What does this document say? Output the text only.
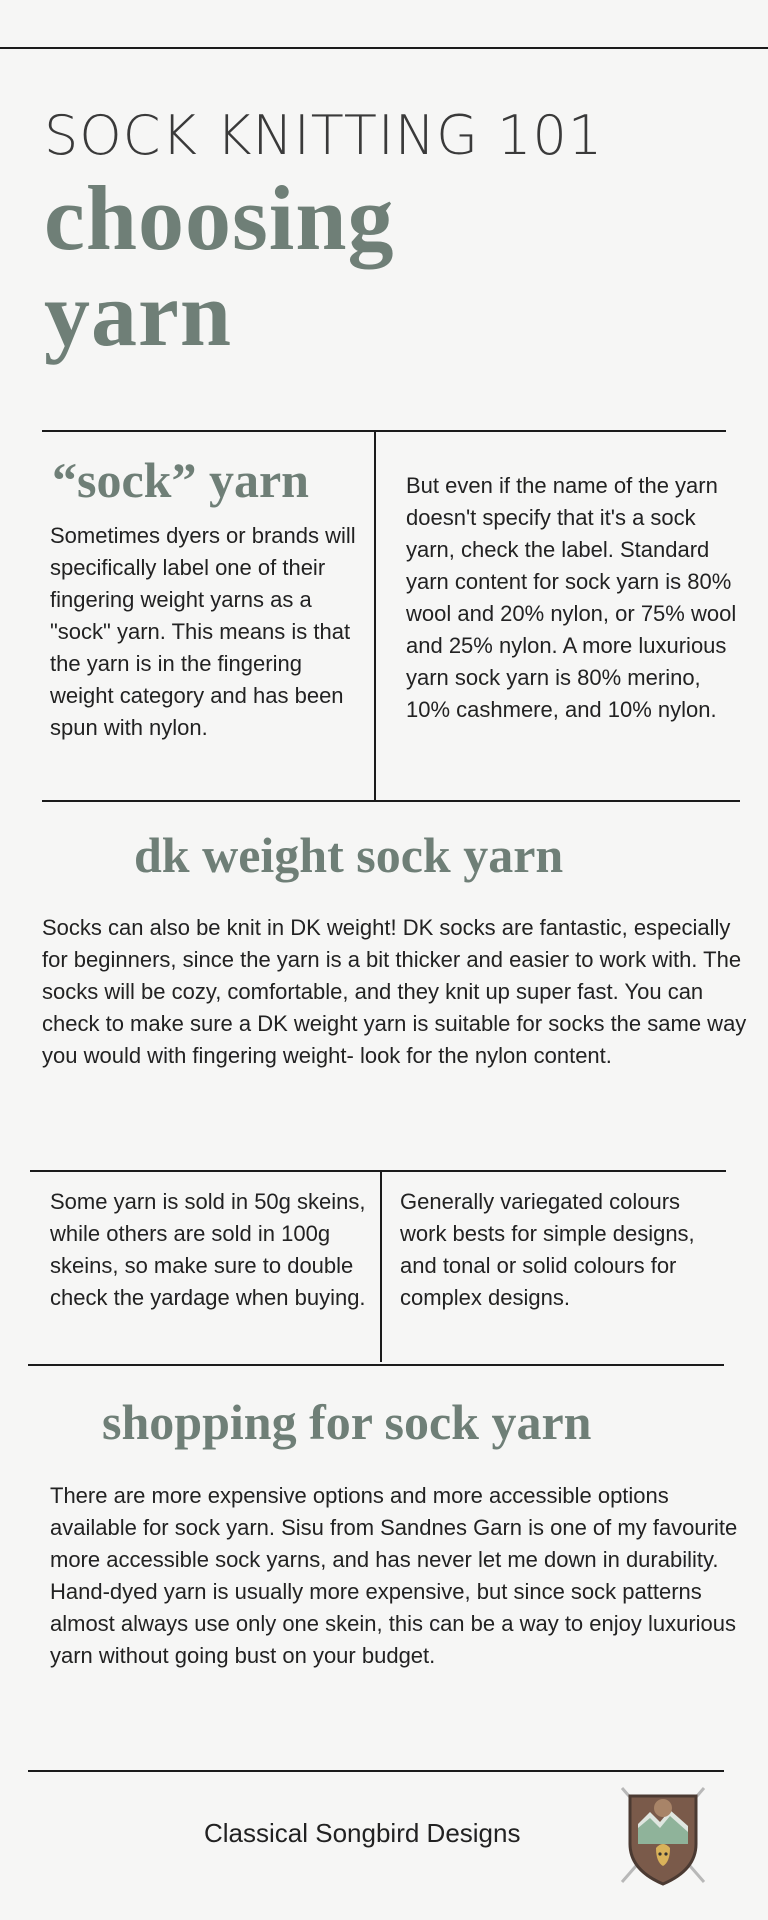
SOCK KNITTING 101
choosing
yarn
“sock” yarn
Sometimes dyers or brands will specifically label one of their fingering weight yarns as a "sock" yarn. This means is that the yarn is in the fingering weight category and has been spun with nylon.
But even if the name of the yarn doesn't specify that it's a sock yarn, check the label. Standard yarn content for sock yarn is 80% wool and 20% nylon, or 75% wool and 25% nylon. A more luxurious yarn sock yarn is 80% merino, 10% cashmere, and 10% nylon.
dk weight sock yarn
Socks can also be knit in DK weight! DK socks are fantastic, especially for beginners, since the yarn is a bit thicker and easier to work with. The socks will be cozy, comfortable, and they knit up super fast. You can check to make sure a DK weight yarn is suitable for socks the same way you would with fingering weight- look for the nylon content.
Some yarn is sold in 50g skeins, while others are sold in 100g skeins, so make sure to double check the yardage when buying.
Generally variegated colours work bests for simple designs, and tonal or solid colours for complex designs.
shopping for sock yarn
There are more expensive options and more accessible options available for sock yarn. Sisu from Sandnes Garn is one of my favourite more accessible sock yarns, and has never let me down in durability. Hand-dyed yarn is usually more expensive, but since sock patterns almost always use only one skein, this can be a way to enjoy luxurious yarn without going bust on your budget.
Classical Songbird Designs
